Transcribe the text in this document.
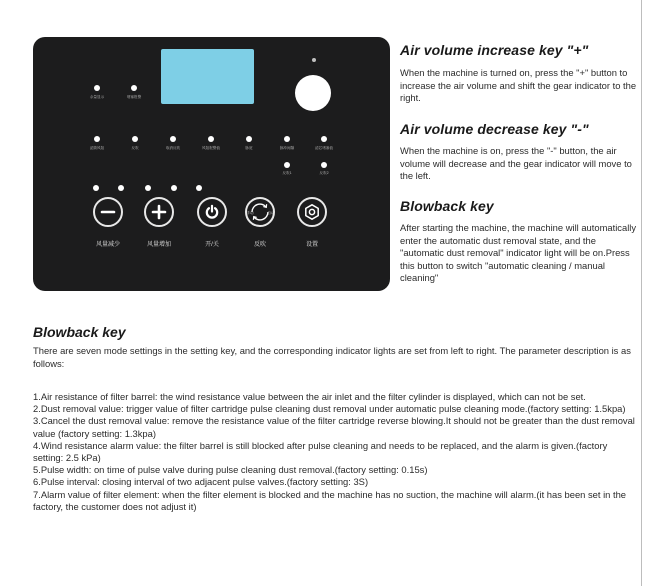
余量显示	堵塞报警
滤筒风阻	反吹	取消反吹	风阻报警值	脉宽	脉冲间隔	滤芯堵塞值
反吹1	反吹2
风量减少	风量增加	开/关
手动	自动
反吹	设置
Air volume increase key "+"
When the machine is turned on, press the "+" button to increase the air volume and shift the gear indicator to the right.
Air volume decrease key "-"
When the machine is on, press the "-" button, the air volume will decrease and the gear indicator will move to the left.
Blowback key
After starting the machine, the machine will automatically enter the automatic dust removal state, and the "automatic dust removal" indicator light will be on.Press this button to switch "automatic cleaning / manual cleaning"
Blowback key
There are seven mode settings in the setting key, and the corresponding indicator lights are set from left to right. The parameter description is as follows:
1.Air resistance of filter barrel: the wind resistance value between the air inlet and the filter cylinder is displayed, which can not be set.
2.Dust removal value: trigger value of filter cartridge pulse cleaning dust removal under automatic pulse cleaning mode.(factory setting: 1.5kpa)
3.Cancel the dust removal value: remove the resistance value of the filter cartridge reverse blowing.It should not be greater than the dust removal value (factory setting: 1.3kpa)
4.Wind resistance alarm value: the filter barrel is still blocked after pulse cleaning and needs to be replaced, and the alarm is given.(factory setting: 2.5 kPa)
5.Pulse width: on time of pulse valve during pulse cleaning dust removal.(factory setting: 0.15s)
6.Pulse interval: closing interval of two adjacent pulse valves.(factory setting: 3S)
7.Alarm value of filter element: when the filter element is blocked and the machine has no suction, the machine will alarm.(it has been set in the factory, the customer does not adjust it)
